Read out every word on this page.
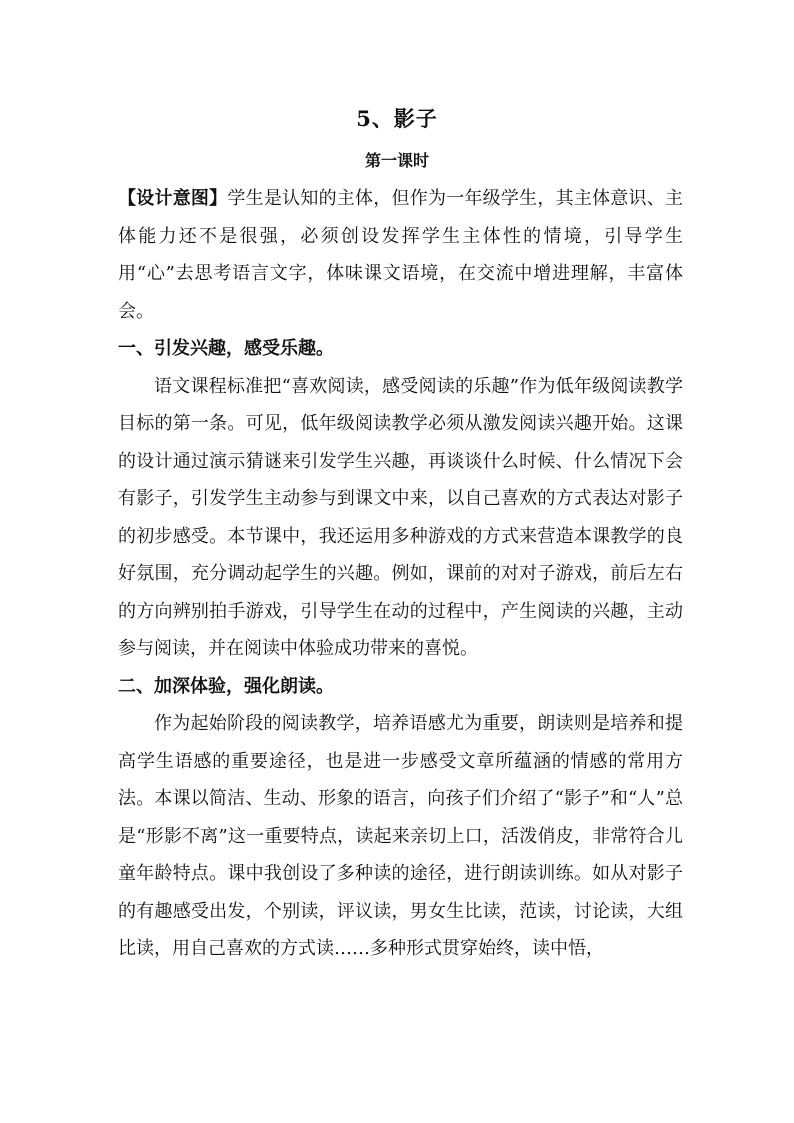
5、影子
第一课时

【设计意图】学生是认知的主体，但作为一年级学生，其主体意识、主体能力还不是很强，必须创设发挥学生主体性的情境，引导学生用“心”去思考语言文字，体味课文语境，在交流中增进理解，丰富体会。

一、引发兴趣，感受乐趣。

语文课程标准把“喜欢阅读，感受阅读的乐趣”作为低年级阅读教学目标的第一条。可见，低年级阅读教学必须从激发阅读兴趣开始。这课的设计通过演示猜谜来引发学生兴趣，再谈谈什么时候、什么情况下会有影子，引发学生主动参与到课文中来，以自己喜欢的方式表达对影子的初步感受。本节课中，我还运用多种游戏的方式来营造本课教学的良好氛围，充分调动起学生的兴趣。例如，课前的对对子游戏，前后左右的方向辨别拍手游戏，引导学生在动的过程中，产生阅读的兴趣，主动参与阅读，并在阅读中体验成功带来的喜悦。

二、加深体验，强化朗读。

作为起始阶段的阅读教学，培养语感尤为重要，朗读则是培养和提高学生语感的重要途径，也是进一步感受文章所蕴涵的情感的常用方法。本课以简洁、生动、形象的语言，向孩子们介绍了“影子”和“人”总是“形影不离”这一重要特点，读起来亲切上口，活泼俏皮，非常符合儿童年龄特点。课中我创设了多种读的途径，进行朗读训练。如从对影子的有趣感受出发，个别读，评议读，男女生比读，范读，讨论读，大组比读，用自己喜欢的方式读……多种形式贯穿始终，读中悟，
